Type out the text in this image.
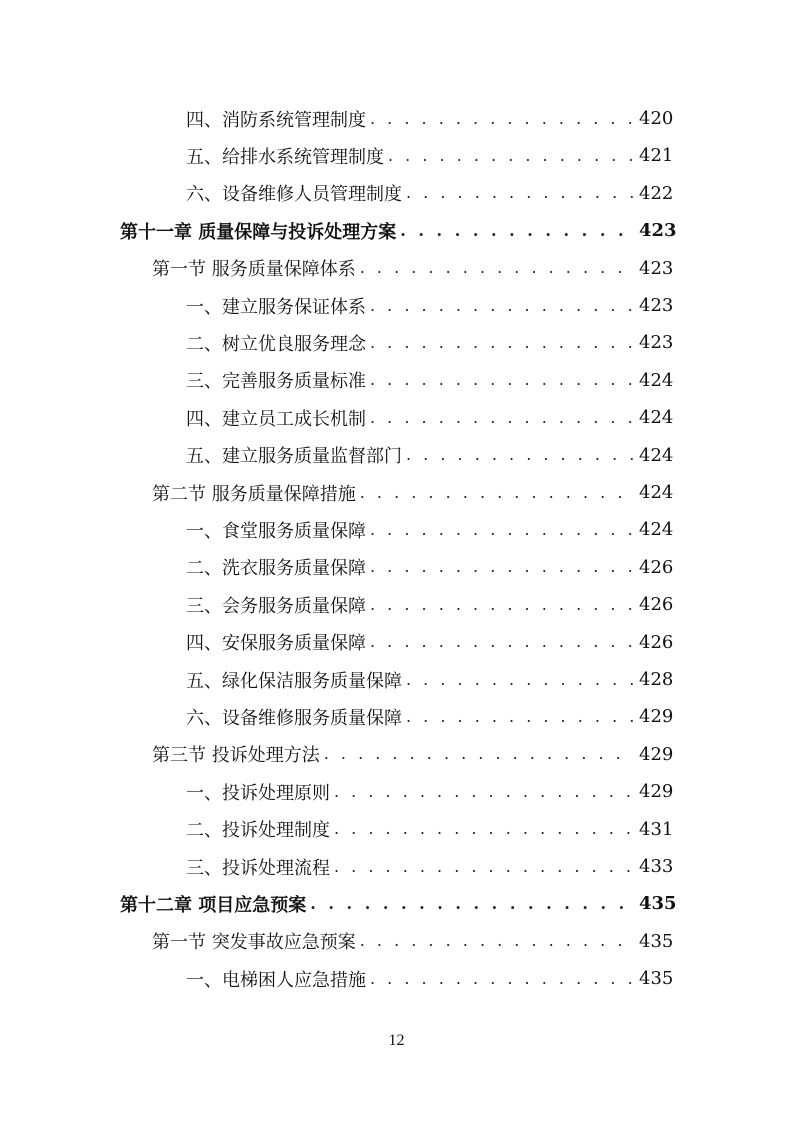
四、消防系统管理制度 . . .	420
五、给排水系统管理制度 . . .	421
六、设备维修人员管理制度 . . .	422
第十一章 质量保障与投诉处理方案 . . .	423
第一节 服务质量保障体系 . . .	423
一、建立服务保证体系 . . .	423
二、树立优良服务理念 . . .	423
三、完善服务质量标准 . . .	424
四、建立员工成长机制 . . .	424
五、建立服务质量监督部门 . . .	424
第二节 服务质量保障措施 . . .	424
一、食堂服务质量保障 . . .	424
二、洗衣服务质量保障 . . .	426
三、会务服务质量保障 . . .	426
四、安保服务质量保障 . . .	426
五、绿化保洁服务质量保障 . . .	428
六、设备维修服务质量保障 . . .	429
第三节 投诉处理方法 . . .	429
一、投诉处理原则 . . .	429
二、投诉处理制度 . . .	431
三、投诉处理流程 . . .	433
第十二章 项目应急预案 . . .	435
第一节 突发事故应急预案 . . .	435
一、电梯困人应急措施 . . .	435
12
